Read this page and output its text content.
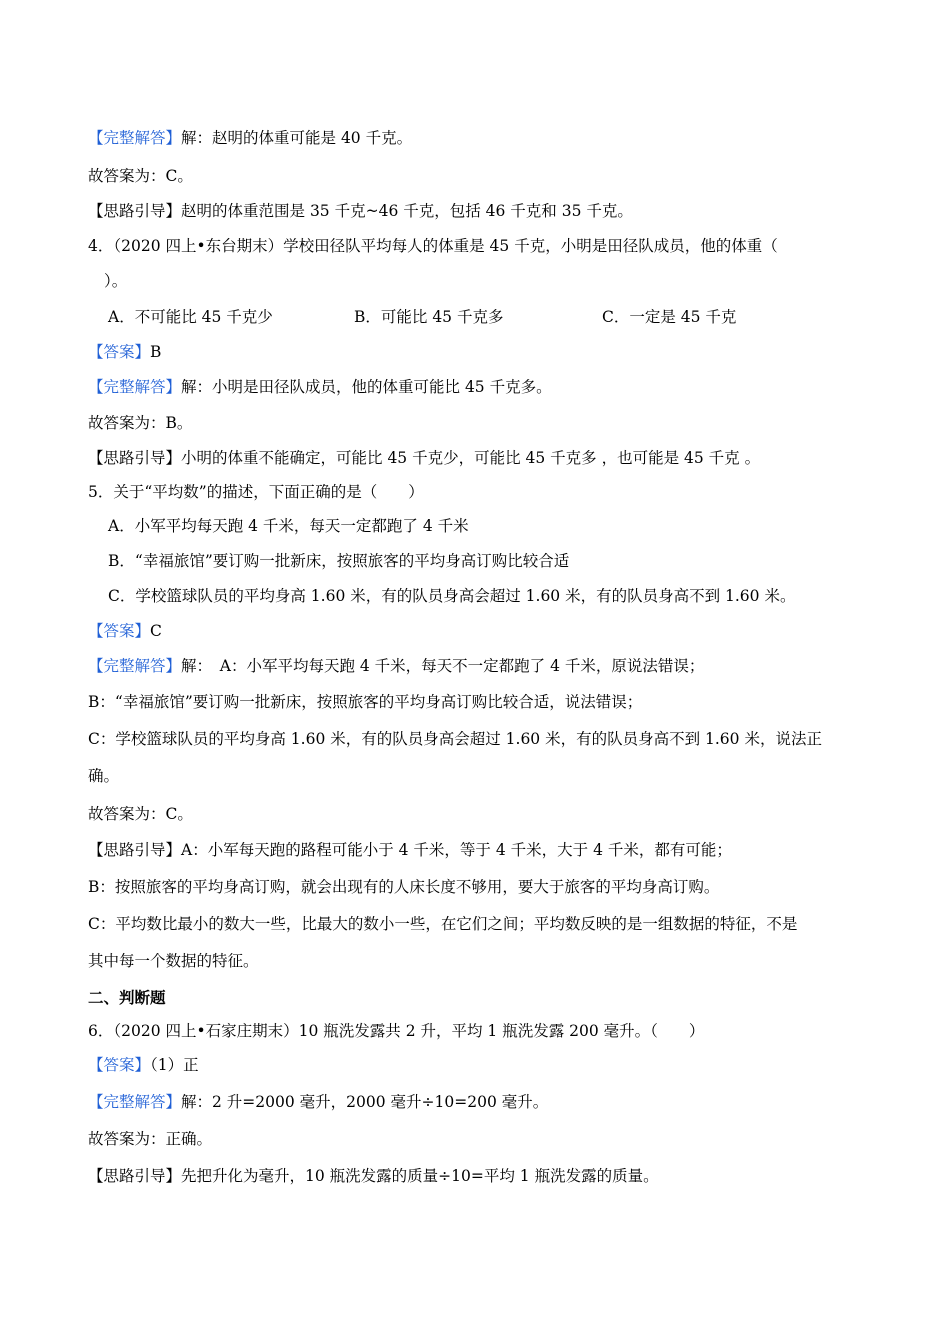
【完整解答】解：赵明的体重可能是 40 千克。
故答案为：C。
【思路引导】赵明的体重范围是 35 千克~46 千克，包括 46 千克和 35 千克。
4．（2020 四上•东台期末）学校田径队平均每人的体重是 45 千克，小明是田径队成员，他的体重（
）。
A．不可能比 45 千克少	B．可能比 45 千克多	C．一定是 45 千克
【答案】B
【完整解答】解：小明是田径队成员，他的体重可能比 45 千克多。
故答案为：B。
【思路引导】小明的体重不能确定，可能比 45 千克少，可能比 45 千克多 ，也可能是 45 千克 。
5．关于“平均数”的描述，下面正确的是（　　）
A．小军平均每天跑 4 千米，每天一定都跑了 4 千米
B．“幸福旅馆”要订购一批新床，按照旅客的平均身高订购比较合适
C．学校篮球队员的平均身高 1.60 米，有的队员身高会超过 1.60 米，有的队员身高不到 1.60 米。
【答案】C
【完整解答】解：　A：小军平均每天跑 4 千米，每天不一定都跑了 4 千米，原说法错误；
B：“幸福旅馆”要订购一批新床，按照旅客的平均身高订购比较合适，说法错误；
C：学校篮球队员的平均身高 1.60 米，有的队员身高会超过 1.60 米，有的队员身高不到 1.60 米，说法正
确。
故答案为：C。
【思路引导】A：小军每天跑的路程可能小于 4 千米，等于 4 千米，大于 4 千米，都有可能；
B：按照旅客的平均身高订购，就会出现有的人床长度不够用，要大于旅客的平均身高订购。
C：平均数比最小的数大一些，比最大的数小一些，在它们之间；平均数反映的是一组数据的特征，不是
其中每一个数据的特征。
二、判断题
6．（2020 四上•石家庄期末）10 瓶洗发露共 2 升，平均 1 瓶洗发露 200 毫升。（　　）
【答案】（1）正
【完整解答】解：2 升=2000 毫升，2000 毫升÷10=200 毫升。
故答案为：正确。
【思路引导】先把升化为毫升，10 瓶洗发露的质量÷10=平均 1 瓶洗发露的质量。
